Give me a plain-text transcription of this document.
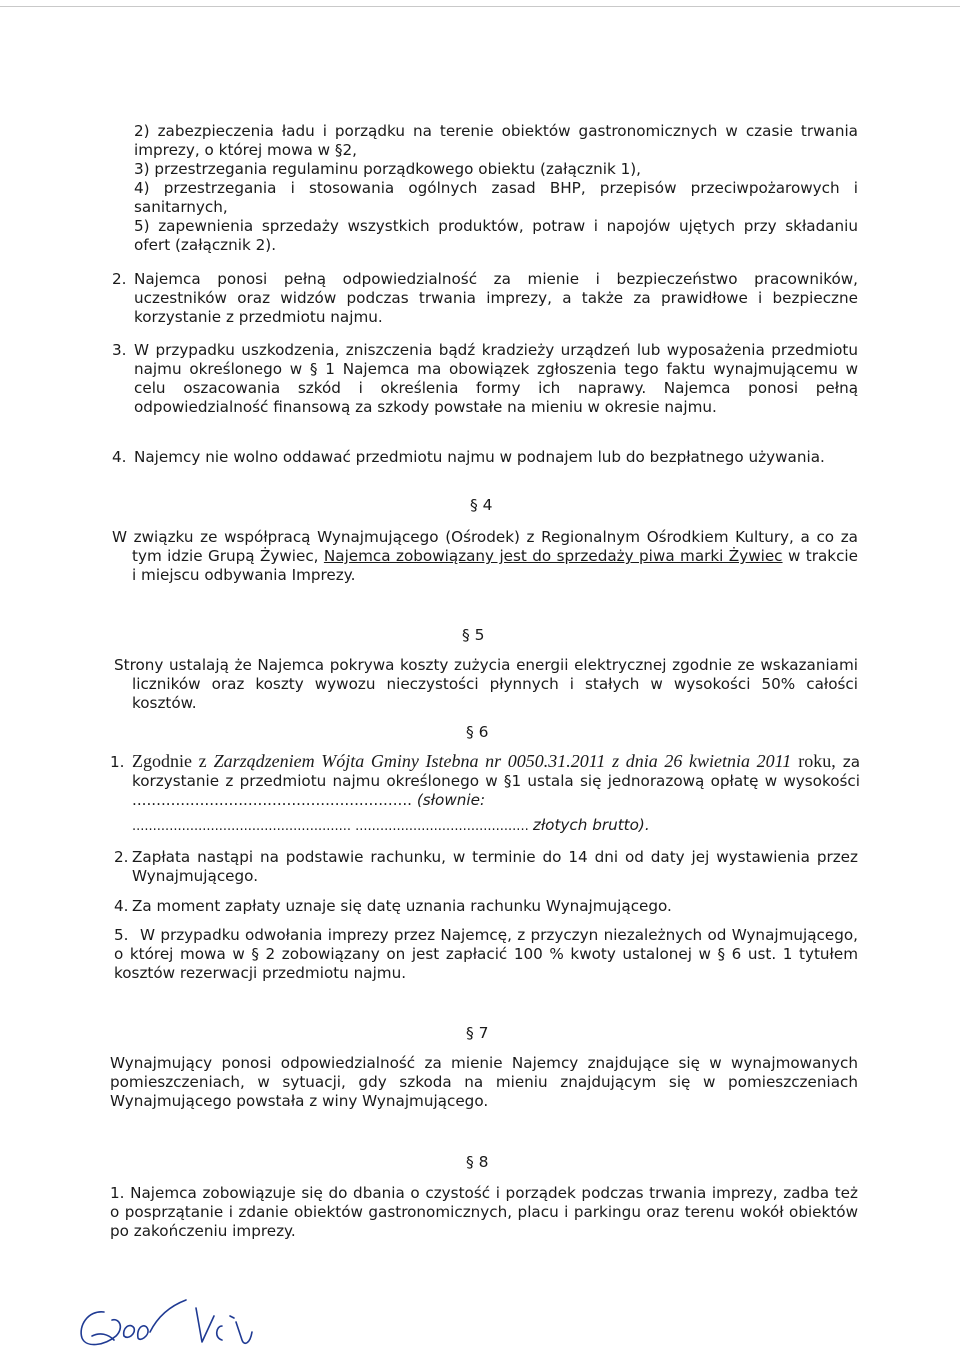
2) zabezpieczenia ładu i porządku na terenie obiektów gastronomicznych w czasie trwania imprezy, o której mowa w §2,

3) przestrzegania regulaminu porządkowego obiektu (załącznik 1),

4) przestrzegania i stosowania ogólnych zasad BHP, przepisów przeciwpożarowych i sanitarnych,

5) zapewnienia sprzedaży wszystkich produktów, potraw i napojów ujętych przy składaniu ofert (załącznik 2).

2. Najemca ponosi pełną odpowiedzialność za mienie i bezpieczeństwo pracowników, uczestników oraz widzów podczas trwania imprezy, a także za prawidłowe i bezpieczne korzystanie z przedmiotu najmu.

3. W przypadku uszkodzenia, zniszczenia bądź kradzieży urządzeń lub wyposażenia przedmiotu najmu określonego w § 1 Najemca ma obowiązek zgłoszenia tego faktu wynajmującemu w celu oszacowania szkód i określenia formy ich naprawy. Najemca ponosi pełną odpowiedzialność finansową za szkody powstałe na mieniu w okresie najmu.

4. Najemcy nie wolno oddawać przedmiotu najmu w podnajem lub do bezpłatnego używania.

§ 4

W związku ze współpracą Wynajmującego (Ośrodek) z Regionalnym Ośrodkiem Kultury, a co za tym idzie Grupą Żywiec, Najemca zobowiązany jest do sprzedaży piwa marki Żywiec w trakcie i miejscu odbywania Imprezy.

§ 5

Strony ustalają że Najemca pokrywa koszty zużycia energii elektrycznej zgodnie ze wskazaniami liczników oraz koszty wywozu nieczystości płynnych i stałych w wysokości 50% całości kosztów.

§ 6

1. Zgodnie z Zarządzeniem Wójta Gminy Istebna nr 0050.31.2011 z dnia 26 kwietnia 2011 roku, za korzystanie z przedmiotu najmu określonego w §1 ustala się jednorazową opłatę w wysokości .......................................................... (słownie:

..................................................... .......................................... złotych brutto).

2. Zapłata nastąpi na podstawie rachunku, w terminie do 14 dni od daty jej wystawienia przez Wynajmującego.

4. Za moment zapłaty uznaje się datę uznania rachunku Wynajmującego.

5. W przypadku odwołania imprezy przez Najemcę, z przyczyn niezależnych od Wynajmującego, o której mowa w § 2 zobowiązany on jest zapłacić 100 % kwoty ustalonej w § 6 ust. 1 tytułem kosztów rezerwacji przedmiotu najmu.

§ 7

Wynajmujący ponosi odpowiedzialność za mienie Najemcy znajdujące się w wynajmowanych pomieszczeniach, w sytuacji, gdy szkoda na mieniu znajdującym się w pomieszczeniach Wynajmującego powstała z winy Wynajmującego.

§ 8

1. Najemca zobowiązuje się do dbania o czystość i porządek podczas trwania imprezy, zadba też o posprzątanie i zdanie obiektów gastronomicznych, placu i parkingu oraz terenu wokół obiektów po zakończeniu imprezy.
